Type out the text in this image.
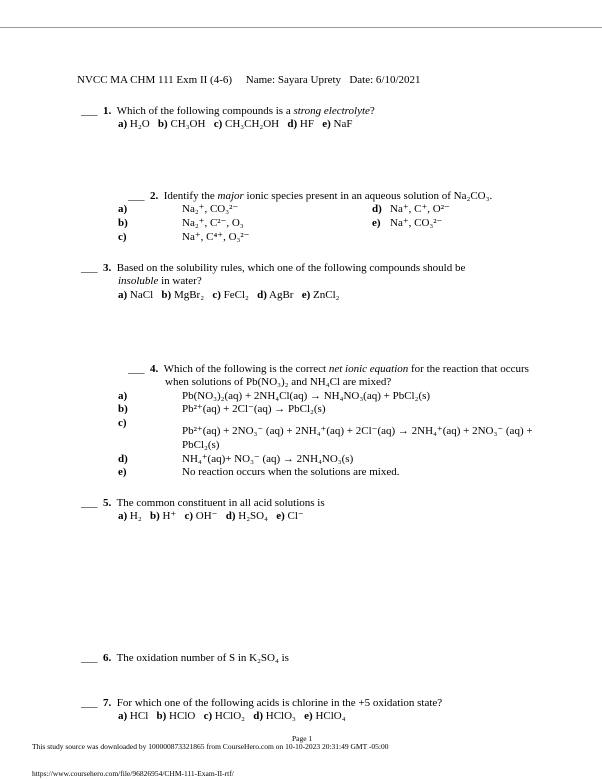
NVCC MA CHM 111 Exm II (4-6) Name: Sayara Uprety Date: 6/10/2021
___ 1. Which of the following compounds is a strong electrolyte?
a) H₂O b) CH₃OH c) CH₃CH₂OH d) HF e) NaF
___ 2. Identify the major ionic species present in an aqueous solution of Na₂CO₃.
a)	Na₂⁺, CO₃²⁻	d) Na⁺, C⁺, O²⁻
b)	Na₂⁺, C²⁻, O₃	e) Na⁺, CO₃²⁻
c)	Na⁺, C⁴⁺, O₃²⁻
___ 3. Based on the solubility rules, which one of the following compounds should be
insoluble in water?
a) NaCl b) MgBr₂ c) FeCl₂ d) AgBr e) ZnCl₂
___ 4. Which of the following is the correct net ionic equation for the reaction that occurs
when solutions of Pb(NO₃)₂ and NH₄Cl are mixed?
a)	Pb(NO₃)₂(aq) + 2NH₄Cl(aq) → NH₄NO₃(aq) + PbCl₂(s)
b)	Pb²⁺(aq) + 2Cl⁻(aq) → PbCl₂(s)
c)
Pb²⁺(aq) + 2NO₃⁻ (aq) + 2NH₄⁺(aq) + 2Cl⁻(aq) → 2NH₄⁺(aq) + 2NO₃⁻ (aq) +
PbCl₂(s)
d)	NH₄⁺(aq)+ NO₃⁻ (aq) → 2NH₄NO₃(s)
e)	No reaction occurs when the solutions are mixed.
___ 5. The common constituent in all acid solutions is
a) H₂ b) H⁺ c) OH⁻ d) H₂SO₄ e) Cl⁻
___ 6. The oxidation number of S in K₂SO₄ is
___ 7. For which one of the following acids is chlorine in the +5 oxidation state?
a) HCl b) HClO c) HClO₂ d) HClO₃ e) HClO₄
Page 1
This study source was downloaded by 100000873321865 from CourseHero.com on 10-10-2023 20:31:49 GMT -05:00
https://www.coursehero.com/file/96826954/CHM-111-Exam-II-rtf/
